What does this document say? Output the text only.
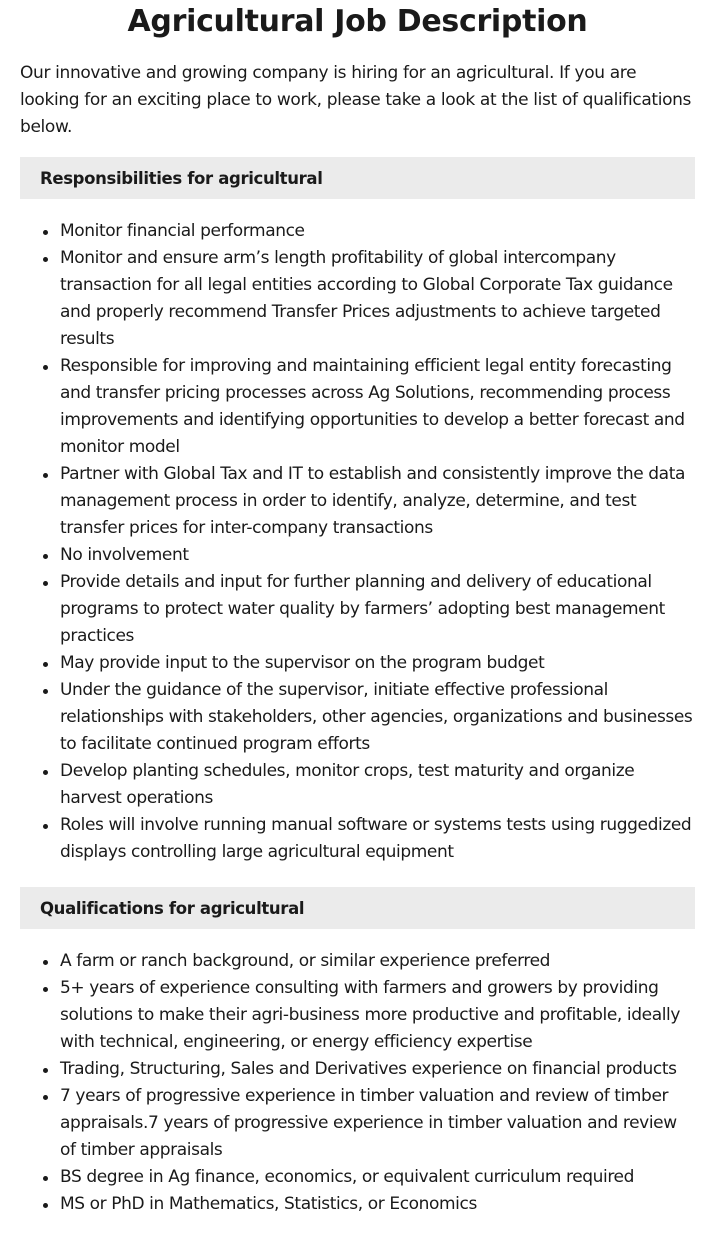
Agricultural Job Description

Our innovative and growing company is hiring for an agricultural. If you are looking for an exciting place to work, please take a look at the list of qualifications below.

Responsibilities for agricultural
Monitor financial performance
Monitor and ensure arm’s length profitability of global intercompany transaction for all legal entities according to Global Corporate Tax guidance and properly recommend Transfer Prices adjustments to achieve targeted results
Responsible for improving and maintaining efficient legal entity forecasting and transfer pricing processes across Ag Solutions, recommending process improvements and identifying opportunities to develop a better forecast and monitor model
Partner with Global Tax and IT to establish and consistently improve the data management process in order to identify, analyze, determine, and test transfer prices for inter-company transactions
No involvement
Provide details and input for further planning and delivery of educational programs to protect water quality by farmers’ adopting best management practices
May provide input to the supervisor on the program budget
Under the guidance of the supervisor, initiate effective professional relationships with stakeholders, other agencies, organizations and businesses to facilitate continued program efforts
Develop planting schedules, monitor crops, test maturity and organize harvest operations
Roles will involve running manual software or systems tests using ruggedized displays controlling large agricultural equipment
Qualifications for agricultural
A farm or ranch background, or similar experience preferred
5+ years of experience consulting with farmers and growers by providing solutions to make their agri-business more productive and profitable, ideally with technical, engineering, or energy efficiency expertise
Trading, Structuring, Sales and Derivatives experience on financial products
7 years of progressive experience in timber valuation and review of timber appraisals.7 years of progressive experience in timber valuation and review of timber appraisals
BS degree in Ag finance, economics, or equivalent curriculum required
MS or PhD in Mathematics, Statistics, or Economics
